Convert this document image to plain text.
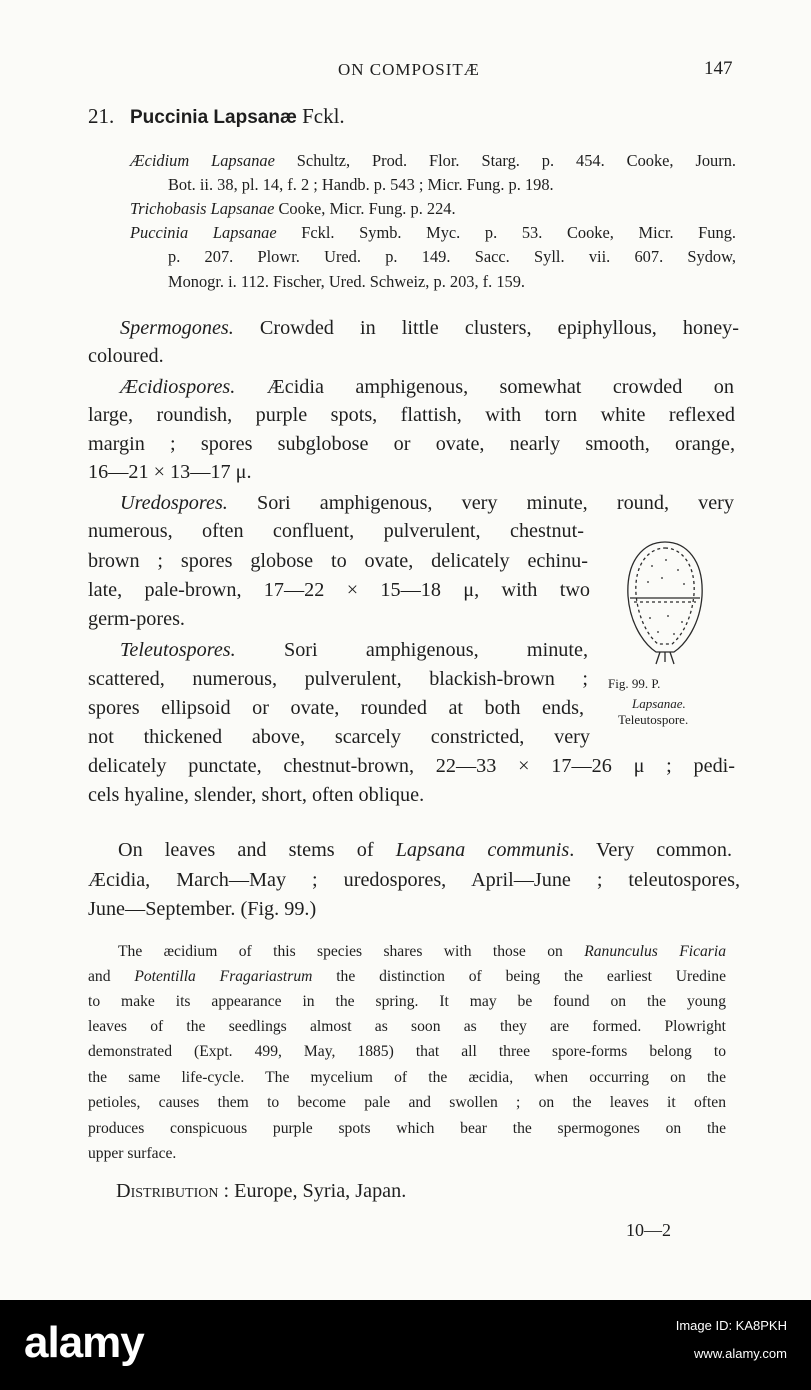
ON COMPOSITÆ	147
21. Puccinia Lapsanæ Fckl.
Æcidium Lapsanae Schultz, Prod. Flor. Starg. p. 454. Cooke, Journ.
Bot. ii. 38, pl. 14, f. 2 ; Handb. p. 543 ; Micr. Fung. p. 198.
Trichobasis Lapsanae Cooke, Micr. Fung. p. 224.
Puccinia Lapsanae Fckl. Symb. Myc. p. 53. Cooke, Micr. Fung.
p. 207. Plowr. Ured. p. 149. Sacc. Syll. vii. 607. Sydow,
Monogr. i. 112. Fischer, Ured. Schweiz, p. 203, f. 159.
Spermogones. Crowded in little clusters, epiphyllous, honey-
coloured.
Æcidiospores. Æcidia amphigenous, somewhat crowded on
large, roundish, purple spots, flattish, with torn white reflexed
margin ; spores subglobose or ovate, nearly smooth, orange,
16—21 × 13—17 μ.
Uredospores. Sori amphigenous, very minute, round, very
numerous, often confluent, pulverulent, chestnut-
brown ; spores globose to ovate, delicately echinu-
late, pale-brown, 17—22 × 15—18 μ, with two
germ-pores.
Teleutospores. Sori amphigenous, minute,
scattered, numerous, pulverulent, blackish-brown ;
spores ellipsoid or ovate, rounded at both ends,
not thickened above, scarcely constricted, very
delicately punctate, chestnut-brown, 22—33 × 17—26 μ ; pedi-
cels hyaline, slender, short, often oblique.
Fig. 99. P.
Lapsanae.
Teleutospore.
On leaves and stems of Lapsana communis. Very common.
Æcidia, March—May ; uredospores, April—June ; teleutospores,
June—September. (Fig. 99.)
The æcidium of this species shares with those on Ranunculus Ficaria
and Potentilla Fragariastrum the distinction of being the earliest Uredine
to make its appearance in the spring. It may be found on the young
leaves of the seedlings almost as soon as they are formed. Plowright
demonstrated (Expt. 499, May, 1885) that all three spore-forms belong to
the same life-cycle. The mycelium of the æcidia, when occurring on the
petioles, causes them to become pale and swollen ; on the leaves it often
produces conspicuous purple spots which bear the spermogones on the
upper surface.
Distribution : Europe, Syria, Japan.
10—2
alamy	Image ID: KA8PKH
www.alamy.com
